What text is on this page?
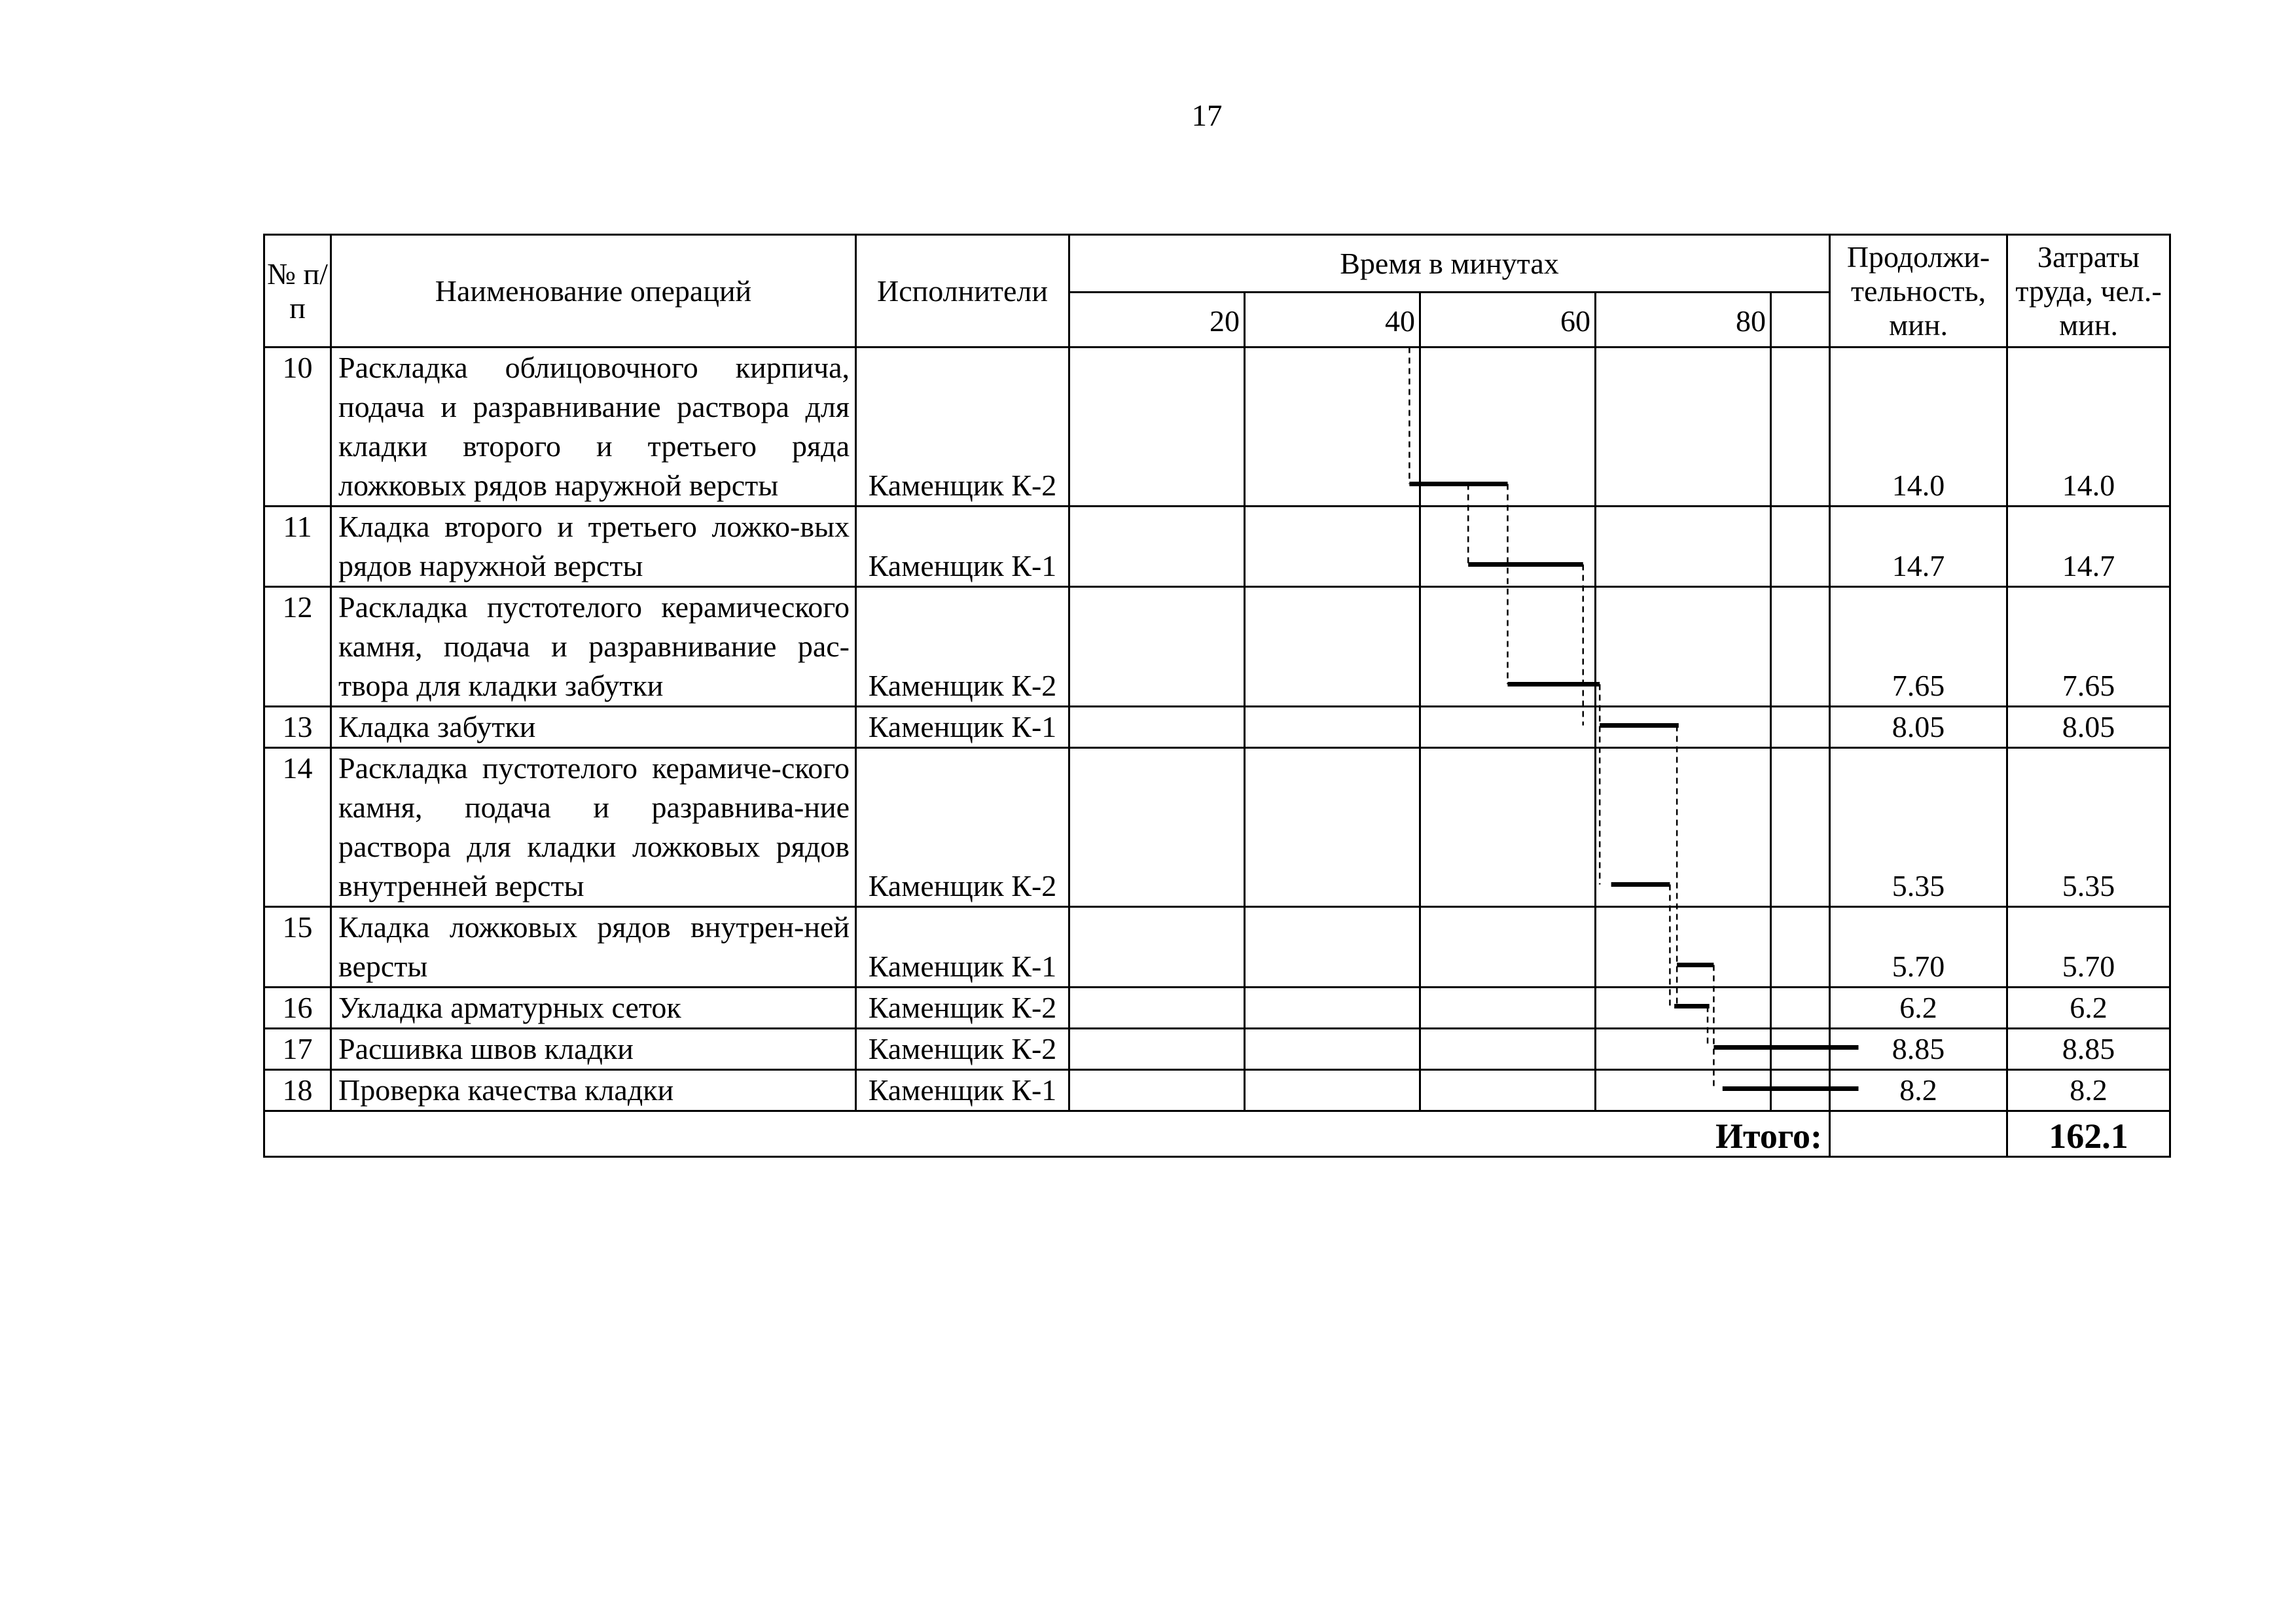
17
№ п/п	Наименование операций	Исполнители	Время в минутах					Продолжи-тельность, мин.	Затраты труда, чел.-мин.
			20	40	60	80			
10	Раскладка облицовочного кирпича, подача и разравнивание раствора для кладки второго и третьего ряда ложковых рядов наружной версты	Каменщик К-2						14.0	14.0
11	Кладка второго и третьего ложко-вых рядов наружной версты	Каменщик К-1						14.7	14.7
12	Раскладка пустотелого керамического камня, подача и разравнивание рас-твора для кладки забутки	Каменщик К-2						7.65	7.65
13	Кладка забутки	Каменщик К-1						8.05	8.05
14	Раскладка пустотелого керамиче-ского камня, подача и разравнива-ние раствора для кладки ложковых рядов внутренней версты	Каменщик К-2						5.35	5.35
15	Кладка ложковых рядов внутрен-ней версты	Каменщик К-1						5.70	5.70
16	Укладка арматурных сеток	Каменщик К-2						6.2	6.2
17	Расшивка швов кладки	Каменщик К-2						8.85	8.85
18	Проверка качества кладки	Каменщик К-1						8.2	8.2
Итого:									162.1
